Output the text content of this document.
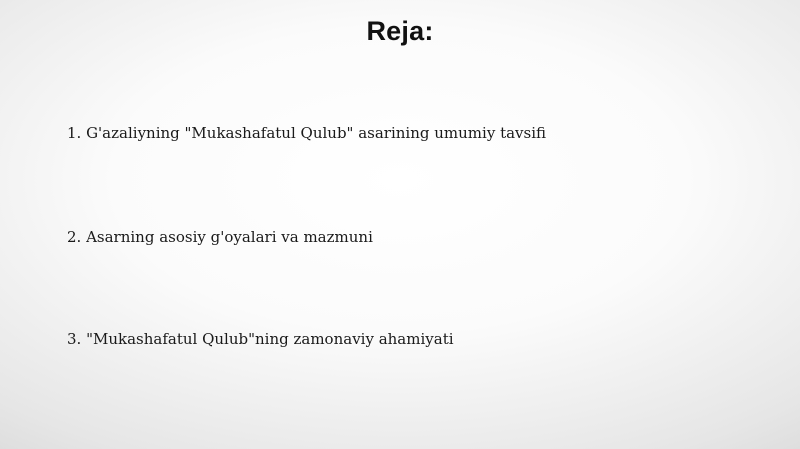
Reja:
1. G'azaliyning "Mukashafatul Qulub" asarining umumiy tavsifi
2. Asarning asosiy g'oyalari va mazmuni
3. "Mukashafatul Qulub"ning zamonaviy ahamiyati
